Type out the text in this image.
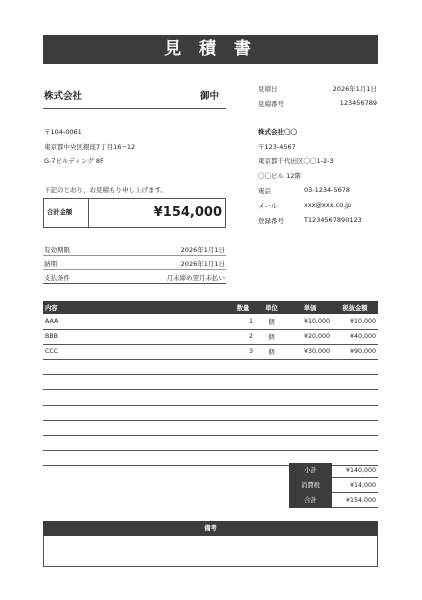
見 積 書
株式会社	御中
〒104-0061
東京都中央区銀座7丁目16−12
G-7ビルディング 8F
下記のとおり、お見積もり申し上げます。
合計金額	¥154,000
有効期限	2026年1月1日
納期	2026年1月1日
支払条件	月末締め翌月末払い
見積日	2026年1月1日
見積番号	123456789
株式会社〇〇
〒123-4567
東京都千代田区〇〇1-2-3
〇〇ビル 12階
電話	03-1234-5678
メール	xxx@xxx.co.jp
登録番号	T1234567890123
内容	数量	単位	単価	税抜金額
AAA	1	個	¥10,000	¥10,000
BBB	2	個	¥20,000	¥40,000
CCC	3	個	¥30,000	¥90,000

小計	¥140,000
消費税	¥14,000
合計	¥154,000
備考
